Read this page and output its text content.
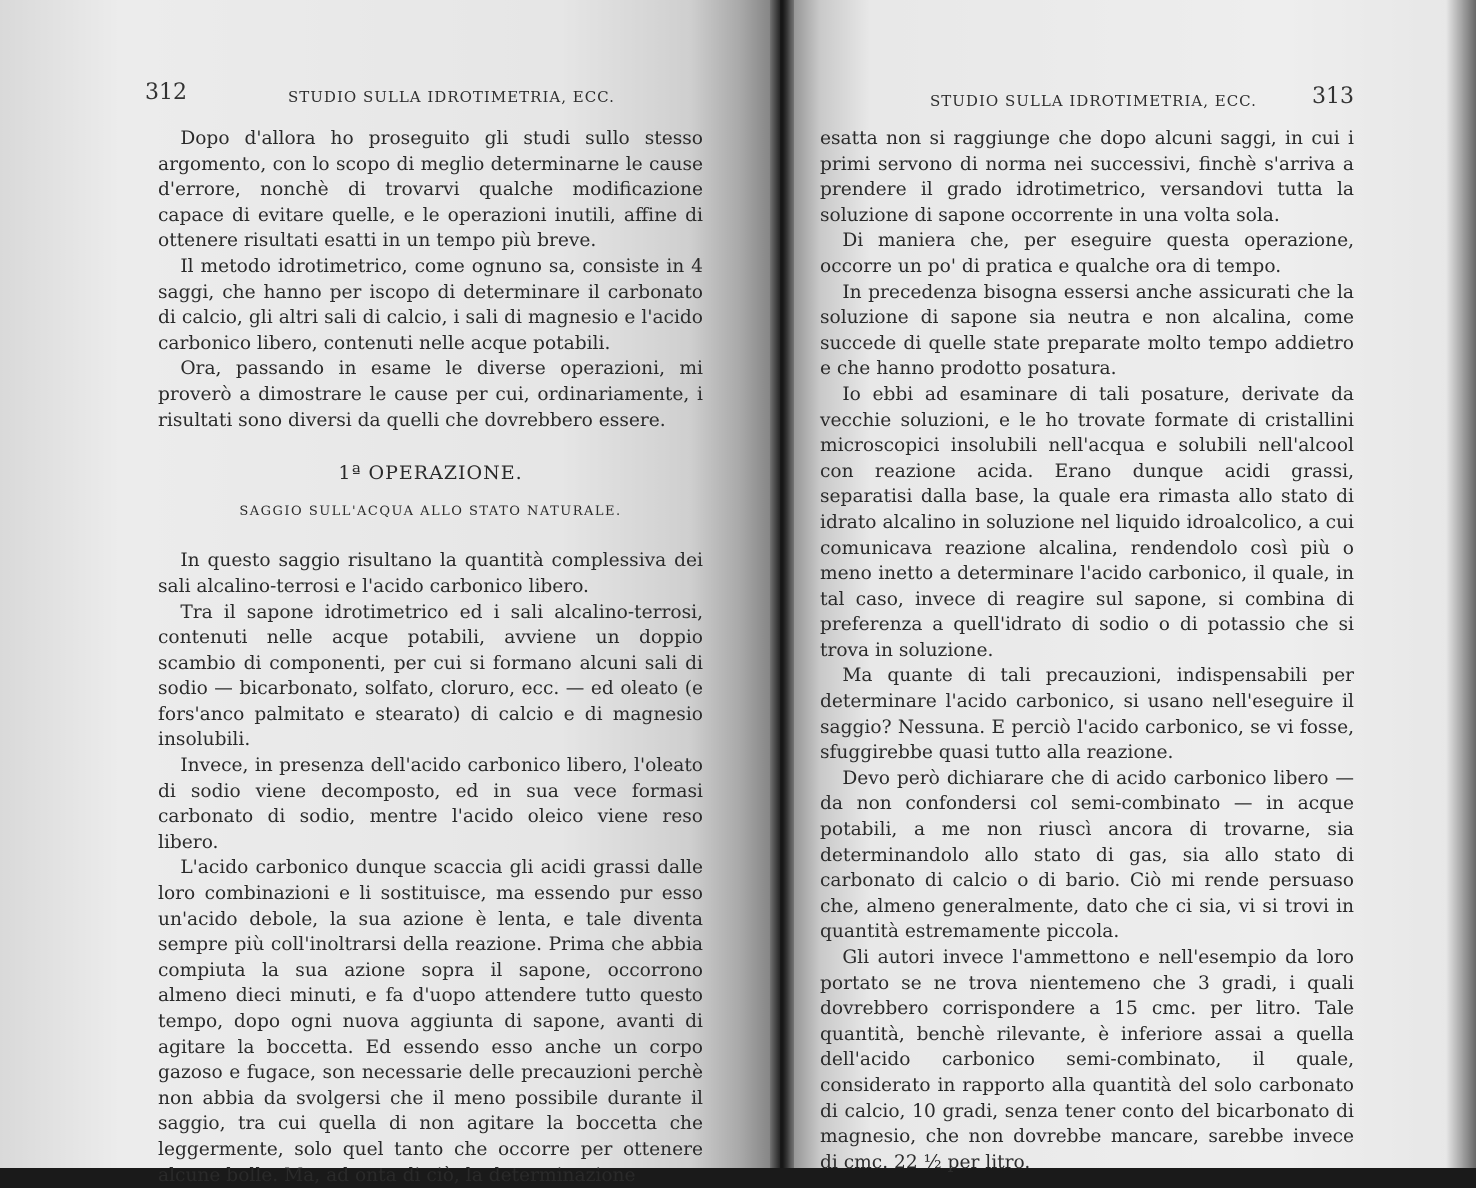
312	STUDIO SULLA IDROTIMETRIA, ECC.

Dopo d'allora ho proseguito gli studi sullo stesso argomento, con lo scopo di meglio determinarne le cause d'errore, nonchè di trovarvi qualche modificazione capace di evitare quelle, e le operazioni inutili, affine di ottenere risultati esatti in un tempo più breve.

Il metodo idrotimetrico, come ognuno sa, consiste in 4 saggi, che hanno per iscopo di determinare il carbonato di calcio, gli altri sali di calcio, i sali di magnesio e l'acido carbonico libero, contenuti nelle acque potabili.

Ora, passando in esame le diverse operazioni, mi proverò a dimostrare le cause per cui, ordinariamente, i risultati sono diversi da quelli che dovrebbero essere.

1ª OPERAZIONE.
SAGGIO SULL'ACQUA ALLO STATO NATURALE.

In questo saggio risultano la quantità complessiva dei sali alcalino-terrosi e l'acido carbonico libero.

Tra il sapone idrotimetrico ed i sali alcalino-terrosi, contenuti nelle acque potabili, avviene un doppio scambio di componenti, per cui si formano alcuni sali di sodio — bicarbonato, solfato, cloruro, ecc. — ed oleato (e fors'anco palmitato e stearato) di calcio e di magnesio insolubili.

Invece, in presenza dell'acido carbonico libero, l'oleato di sodio viene decomposto, ed in sua vece formasi carbonato di sodio, mentre l'acido oleico viene reso libero.

L'acido carbonico dunque scaccia gli acidi grassi dalle loro combinazioni e li sostituisce, ma essendo pur esso un'acido debole, la sua azione è lenta, e tale diventa sempre più coll'inoltrarsi della reazione. Prima che abbia compiuta la sua azione sopra il sapone, occorrono almeno dieci minuti, e fa d'uopo attendere tutto questo tempo, dopo ogni nuova aggiunta di sapone, avanti di agitare la boccetta. Ed essendo esso anche un corpo gazoso e fugace, son necessarie delle precauzioni perchè non abbia da svolgersi che il meno possibile durante il saggio, tra cui quella di non agitare la boccetta che leggermente, solo quel tanto che occorre per ottenere alcune bolle. Ma, ad onta di ciò, la determinazione

STUDIO SULLA IDROTIMETRIA, ECC.	313

esatta non si raggiunge che dopo alcuni saggi, in cui i primi servono di norma nei successivi, finchè s'arriva a prendere il grado idrotimetrico, versandovi tutta la soluzione di sapone occorrente in una volta sola.

Di maniera che, per eseguire questa operazione, occorre un po' di pratica e qualche ora di tempo.

In precedenza bisogna essersi anche assicurati che la soluzione di sapone sia neutra e non alcalina, come succede di quelle state preparate molto tempo addietro e che hanno prodotto posatura.

Io ebbi ad esaminare di tali posature, derivate da vecchie soluzioni, e le ho trovate formate di cristallini microscopici insolubili nell'acqua e solubili nell'alcool con reazione acida. Erano dunque acidi grassi, separatisi dalla base, la quale era rimasta allo stato di idrato alcalino in soluzione nel liquido idroalcolico, a cui comunicava reazione alcalina, rendendolo così più o meno inetto a determinare l'acido carbonico, il quale, in tal caso, invece di reagire sul sapone, si combina di preferenza a quell'idrato di sodio o di potassio che si trova in soluzione.

Ma quante di tali precauzioni, indispensabili per determinare l'acido carbonico, si usano nell'eseguire il saggio? Nessuna. E perciò l'acido carbonico, se vi fosse, sfuggirebbe quasi tutto alla reazione.

Devo però dichiarare che di acido carbonico libero — da non confondersi col semi-combinato — in acque potabili, a me non riuscì ancora di trovarne, sia determinandolo allo stato di gas, sia allo stato di carbonato di calcio o di bario. Ciò mi rende persuaso che, almeno generalmente, dato che ci sia, vi si trovi in quantità estremamente piccola.

Gli autori invece l'ammettono e nell'esempio da loro portato se ne trova nientemeno che 3 gradi, i quali dovrebbero corrispondere a 15 cmc. per litro. Tale quantità, benchè rilevante, è inferiore assai a quella dell'acido carbonico semi-combinato, il quale, considerato in rapporto alla quantità del solo carbonato di calcio, 10 gradi, senza tener conto del bicarbonato di magnesio, che non dovrebbe mancare, sarebbe invece di cmc. 22 ½ per litro.
